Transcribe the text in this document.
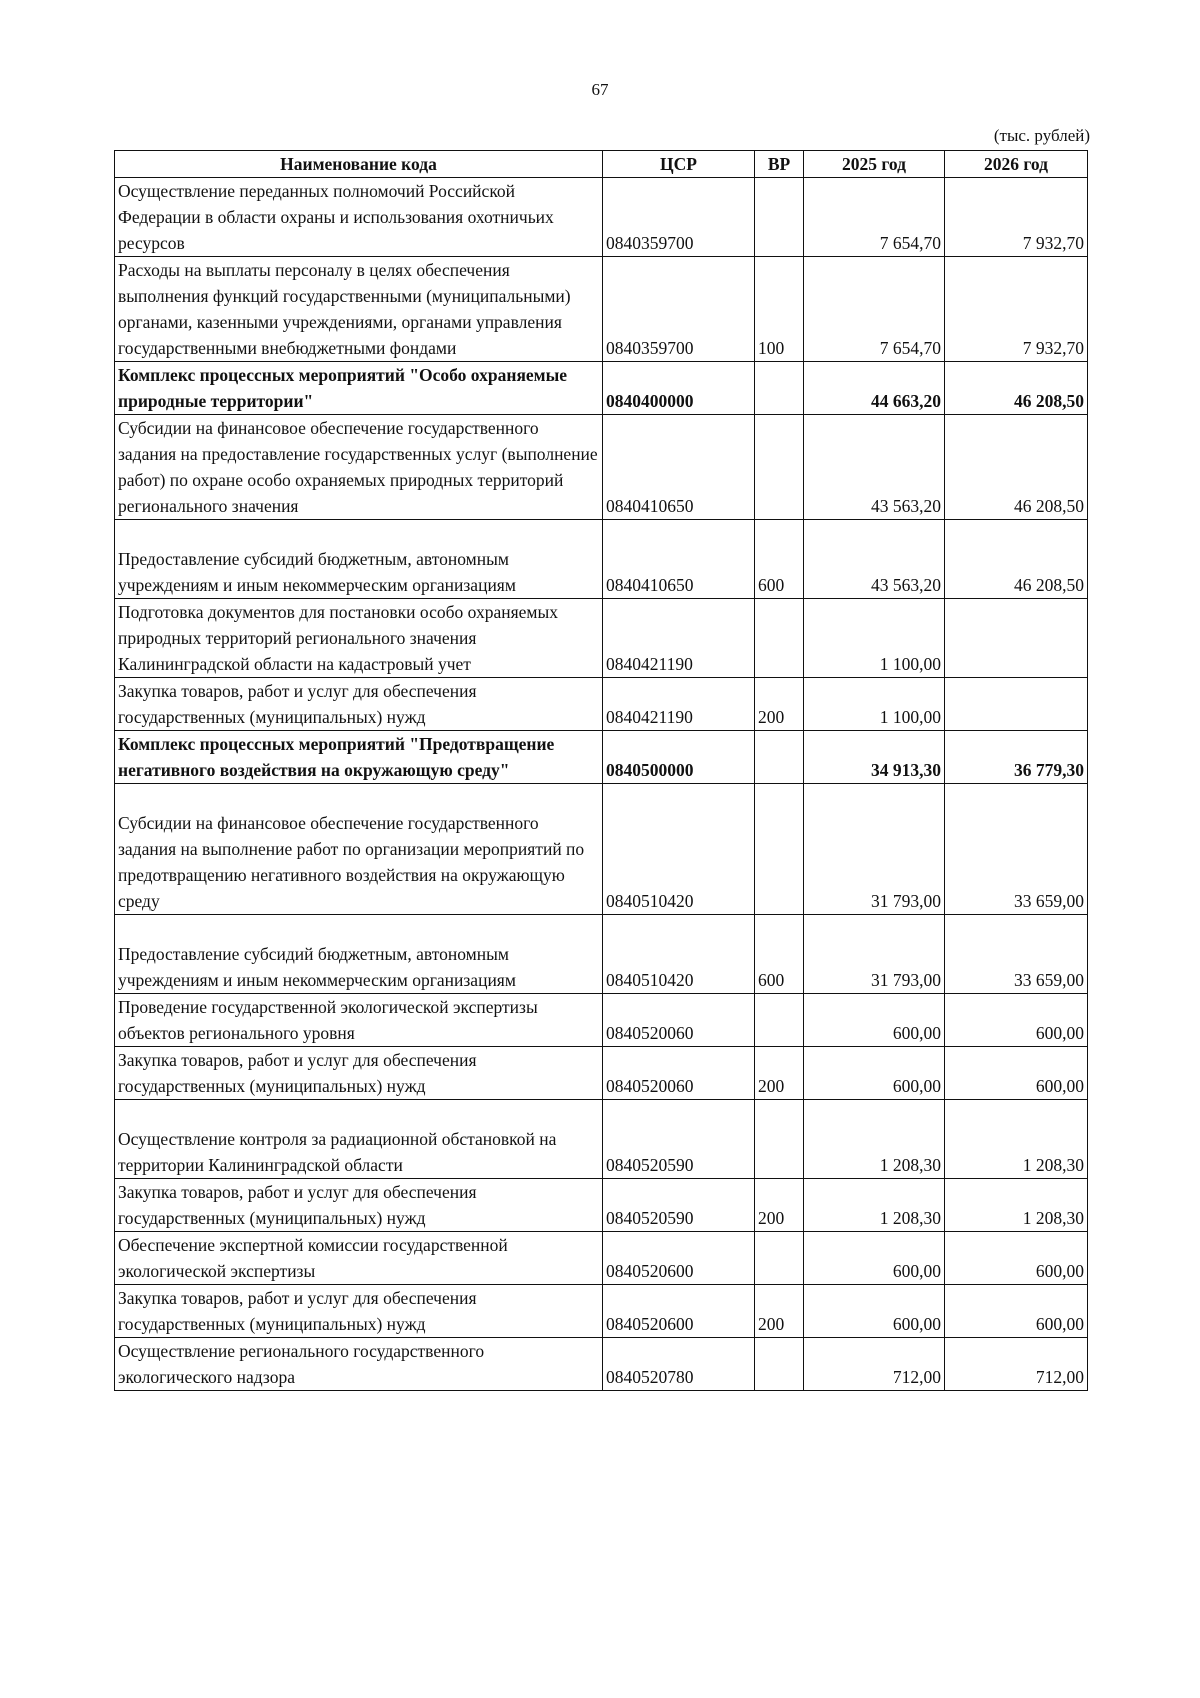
67
(тыс. рублей)
Наименование кода	ЦСР	ВР	2025 год	2026 год
Осуществление переданных полномочий Российской Федерации в области охраны и использования охотничьих ресурсов	0840359700		7 654,70	7 932,70
Расходы на выплаты персоналу в целях обеспечения выполнения функций государственными (муниципальными) органами, казенными учреждениями, органами управления государственными внебюджетными фондами	0840359700	100	7 654,70	7 932,70
Комплекс процессных мероприятий "Особо охраняемые природные территории"	0840400000		44 663,20	46 208,50
Субсидии на финансовое обеспечение государственного задания на предоставление государственных услуг (выполнение работ) по охране особо охраняемых природных территорий регионального значения	0840410650		43 563,20	46 208,50
Предоставление субсидий бюджетным, автономным учреждениям и иным некоммерческим организациям	0840410650	600	43 563,20	46 208,50
Подготовка документов для постановки особо охраняемых природных территорий регионального значения Калининградской области на кадастровый учет	0840421190		1 100,00	
Закупка товаров, работ и услуг для обеспечения государственных (муниципальных) нужд	0840421190	200	1 100,00	
Комплекс процессных мероприятий "Предотвращение негативного воздействия на окружающую среду"	0840500000		34 913,30	36 779,30
Субсидии на финансовое обеспечение государственного задания на выполнение работ по организации мероприятий по предотвращению негативного воздействия на окружающую среду	0840510420		31 793,00	33 659,00
Предоставление субсидий бюджетным, автономным учреждениям и иным некоммерческим организациям	0840510420	600	31 793,00	33 659,00
Проведение государственной экологической экспертизы объектов регионального уровня	0840520060		600,00	600,00
Закупка товаров, работ и услуг для обеспечения государственных (муниципальных) нужд	0840520060	200	600,00	600,00
Осуществление контроля за радиационной обстановкой на территории Калининградской области	0840520590		1 208,30	1 208,30
Закупка товаров, работ и услуг для обеспечения государственных (муниципальных) нужд	0840520590	200	1 208,30	1 208,30
Обеспечение экспертной комиссии государственной экологической экспертизы	0840520600		600,00	600,00
Закупка товаров, работ и услуг для обеспечения государственных (муниципальных) нужд	0840520600	200	600,00	600,00
Осуществление регионального государственного экологического надзора	0840520780		712,00	712,00
